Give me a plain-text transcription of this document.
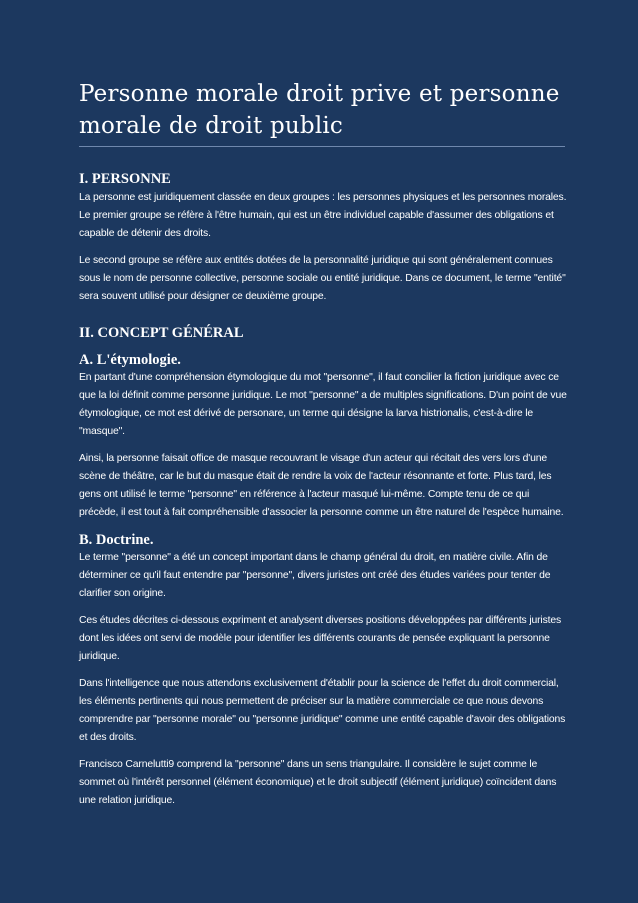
Personne morale droit prive et personne morale de droit public
I. PERSONNE

La personne est juridiquement classée en deux groupes : les personnes physiques et les personnes morales. Le premier groupe se réfère à l'être humain, qui est un être individuel capable d'assumer des obligations et capable de détenir des droits.

Le second groupe se réfère aux entités dotées de la personnalité juridique qui sont généralement connues sous le nom de personne collective, personne sociale ou entité juridique. Dans ce document, le terme "entité" sera souvent utilisé pour désigner ce deuxième groupe.

II. CONCEPT GÉNÉRAL
A. L'étymologie.

En partant d'une compréhension étymologique du mot "personne", il faut concilier la fiction juridique avec ce que la loi définit comme personne juridique. Le mot "personne" a de multiples significations. D'un point de vue étymologique, ce mot est dérivé de personare, un terme qui désigne la larva histrionalis, c'est-à-dire le "masque".

Ainsi, la personne faisait office de masque recouvrant le visage d'un acteur qui récitait des vers lors d'une scène de théâtre, car le but du masque était de rendre la voix de l'acteur résonnante et forte. Plus tard, les gens ont utilisé le terme "personne" en référence à l'acteur masqué lui-même. Compte tenu de ce qui précède, il est tout à fait compréhensible d'associer la personne comme un être naturel de l'espèce humaine.

B. Doctrine.

Le terme "personne" a été un concept important dans le champ général du droit, en matière civile. Afin de déterminer ce qu'il faut entendre par "personne", divers juristes ont créé des études variées pour tenter de clarifier son origine.

Ces études décrites ci-dessous expriment et analysent diverses positions développées par différents juristes dont les idées ont servi de modèle pour identifier les différents courants de pensée expliquant la personne juridique.

Dans l'intelligence que nous attendons exclusivement d'établir pour la science de l'effet du droit commercial, les éléments pertinents qui nous permettent de préciser sur la matière commerciale ce que nous devons comprendre par "personne morale" ou "personne juridique" comme une entité capable d'avoir des obligations et des droits.

Francisco Carnelutti9 comprend la "personne" dans un sens triangulaire. Il considère le sujet comme le sommet où l'intérêt personnel (élément économique) et le droit subjectif (élément juridique) coïncident dans une relation juridique.
